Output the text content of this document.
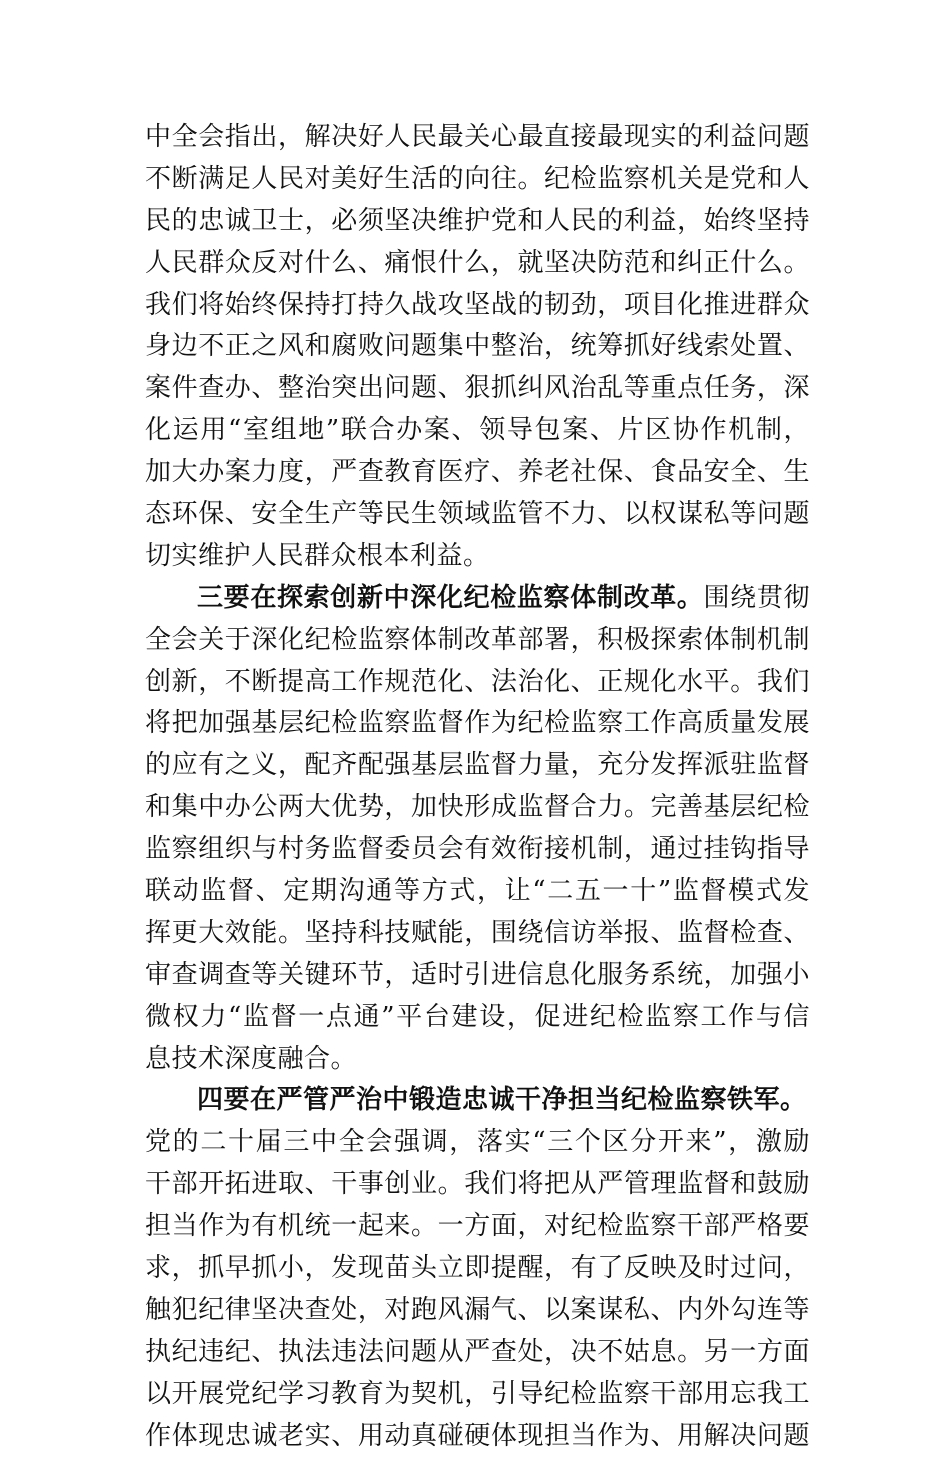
中全会指出，解决好人民最关心最直接最现实的利益问题
不断满足人民对美好生活的向往。纪检监察机关是党和人
民的忠诚卫士，必须坚决维护党和人民的利益，始终坚持
人民群众反对什么、痛恨什么，就坚决防范和纠正什么。
我们将始终保持打持久战攻坚战的韧劲，项目化推进群众
身边不正之风和腐败问题集中整治，统筹抓好线索处置、
案件查办、整治突出问题、狠抓纠风治乱等重点任务，深
化运用“室组地”联合办案、领导包案、片区协作机制，
加大办案力度，严查教育医疗、养老社保、食品安全、生
态环保、安全生产等民生领域监管不力、以权谋私等问题
切实维护人民群众根本利益。
三要在探索创新中深化纪检监察体制改革。围绕贯彻
全会关于深化纪检监察体制改革部署，积极探索体制机制
创新，不断提高工作规范化、法治化、正规化水平。我们
将把加强基层纪检监察监督作为纪检监察工作高质量发展
的应有之义，配齐配强基层监督力量，充分发挥派驻监督
和集中办公两大优势，加快形成监督合力。完善基层纪检
监察组织与村务监督委员会有效衔接机制，通过挂钩指导
联动监督、定期沟通等方式，让“二五一十”监督模式发
挥更大效能。坚持科技赋能，围绕信访举报、监督检查、
审查调查等关键环节，适时引进信息化服务系统，加强小
微权力“监督一点通”平台建设，促进纪检监察工作与信
息技术深度融合。
四要在严管严治中锻造忠诚干净担当纪检监察铁军。
党的二十届三中全会强调，落实“三个区分开来”，激励
干部开拓进取、干事创业。我们将把从严管理监督和鼓励
担当作为有机统一起来。一方面，对纪检监察干部严格要
求，抓早抓小，发现苗头立即提醒，有了反映及时过问，
触犯纪律坚决查处，对跑风漏气、以案谋私、内外勾连等
执纪违纪、执法违法问题从严查处，决不姑息。另一方面
以开展党纪学习教育为契机，引导纪检监察干部用忘我工
作体现忠诚老实、用动真碰硬体现担当作为、用解决问题
